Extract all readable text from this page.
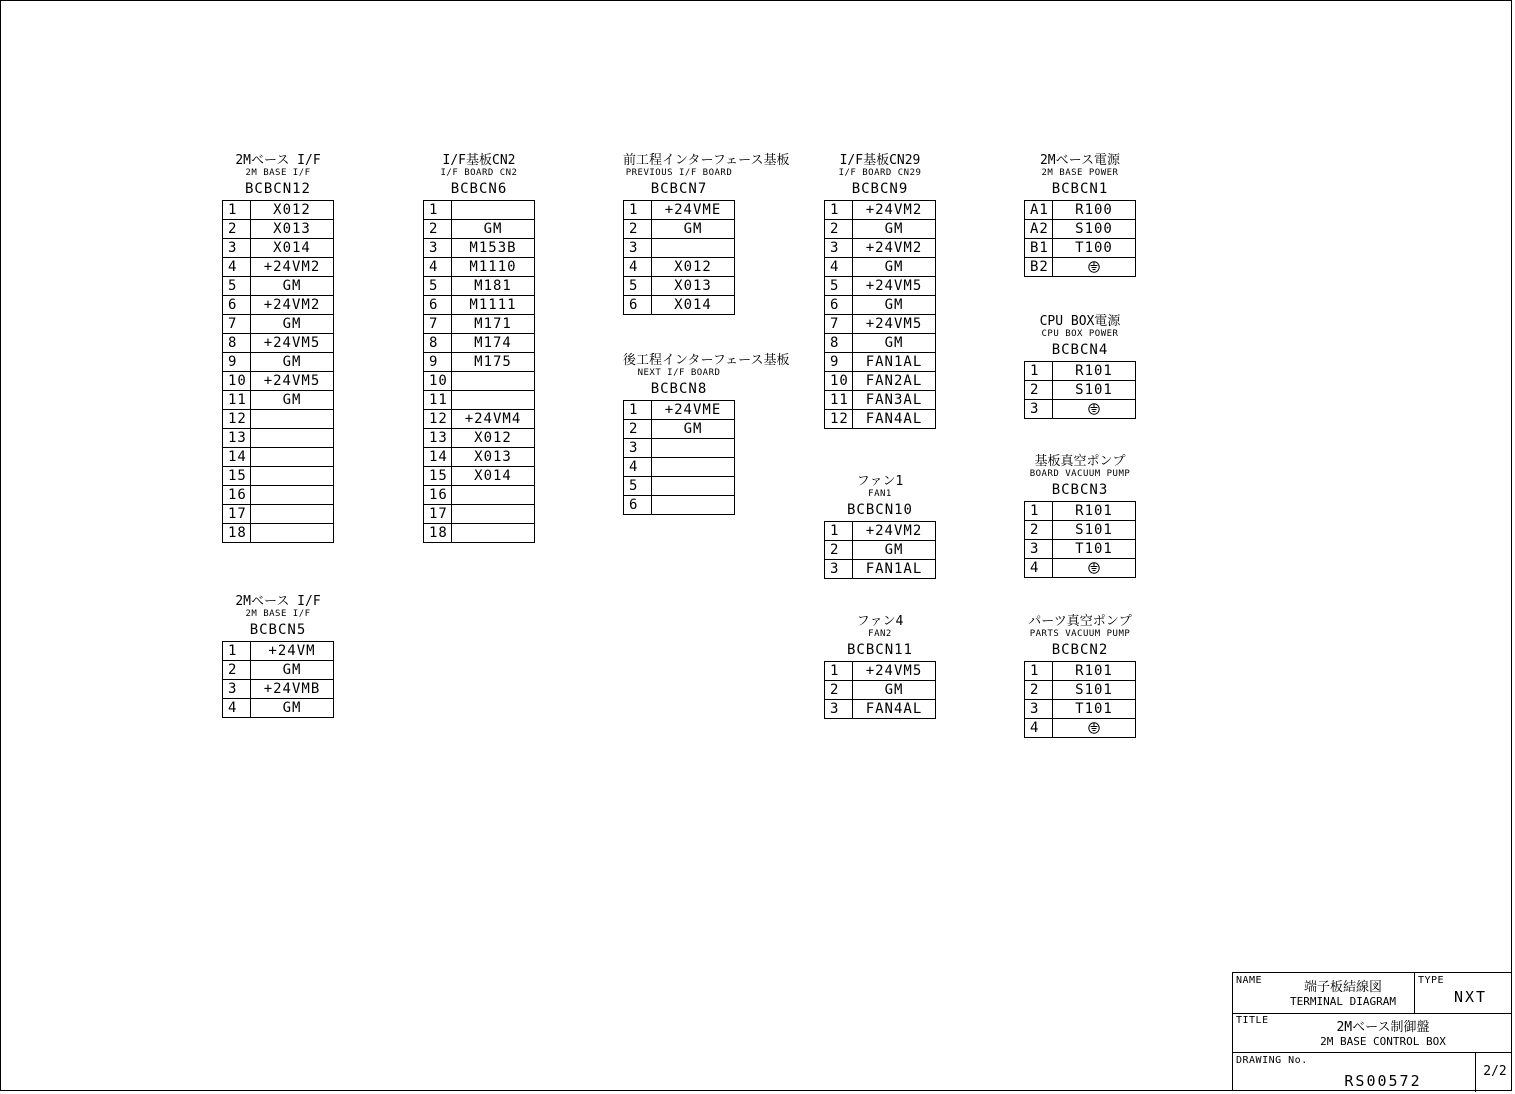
2Mベース I/F
2M BASE I/F
BCBCN12
1	X012
2	X013
3	X014
4	+24VM2
5	GM
6	+24VM2
7	GM
8	+24VM5
9	GM
10	+24VM5
11	GM
12	
13	
14	
15	
16	
17	
18	
2Mベース I/F
2M BASE I/F
BCBCN5
1	+24VM
2	GM
3	+24VMB
4	GM
I/F基板CN2
I/F BOARD CN2
BCBCN6
1	
2	GM
3	M153B
4	M1110
5	M181
6	M1111
7	M171
8	M174
9	M175
10	
11	
12	+24VM4
13	X012
14	X013
15	X014
16	
17	
18	
前工程インターフェース基板
PREVIOUS I/F BOARD
BCBCN7
1	+24VME
2	GM
3	
4	X012
5	X013
6	X014
後工程インターフェース基板
NEXT I/F BOARD
BCBCN8
1	+24VME
2	GM
3	
4	
5	
6	
I/F基板CN29
I/F BOARD CN29
BCBCN9
1	+24VM2
2	GM
3	+24VM2
4	GM
5	+24VM5
6	GM
7	+24VM5
8	GM
9	FAN1AL
10	FAN2AL
11	FAN3AL
12	FAN4AL
ファン1
FAN1
BCBCN10
1	+24VM2
2	GM
3	FAN1AL
ファン4
FAN2
BCBCN11
1	+24VM5
2	GM
3	FAN4AL
2Mベース電源
2M BASE POWER
BCBCN1
A1	R100
A2	S100
B1	T100
B2	
CPU BOX電源
CPU BOX POWER
BCBCN4
1	R101
2	S101
3	
基板真空ポンプ
BOARD VACUUM PUMP
BCBCN3
1	R101
2	S101
3	T101
4	
パーツ真空ポンプ
PARTS VACUUM PUMP
BCBCN2
1	R101
2	S101
3	T101
4	
NAME	端子板結線図
TERMINAL DIAGRAM
TYPE
NXT
TITLE	2Mベース制御盤
2M BASE CONTROL BOX
DRAWING No.
RS00572
2/2
